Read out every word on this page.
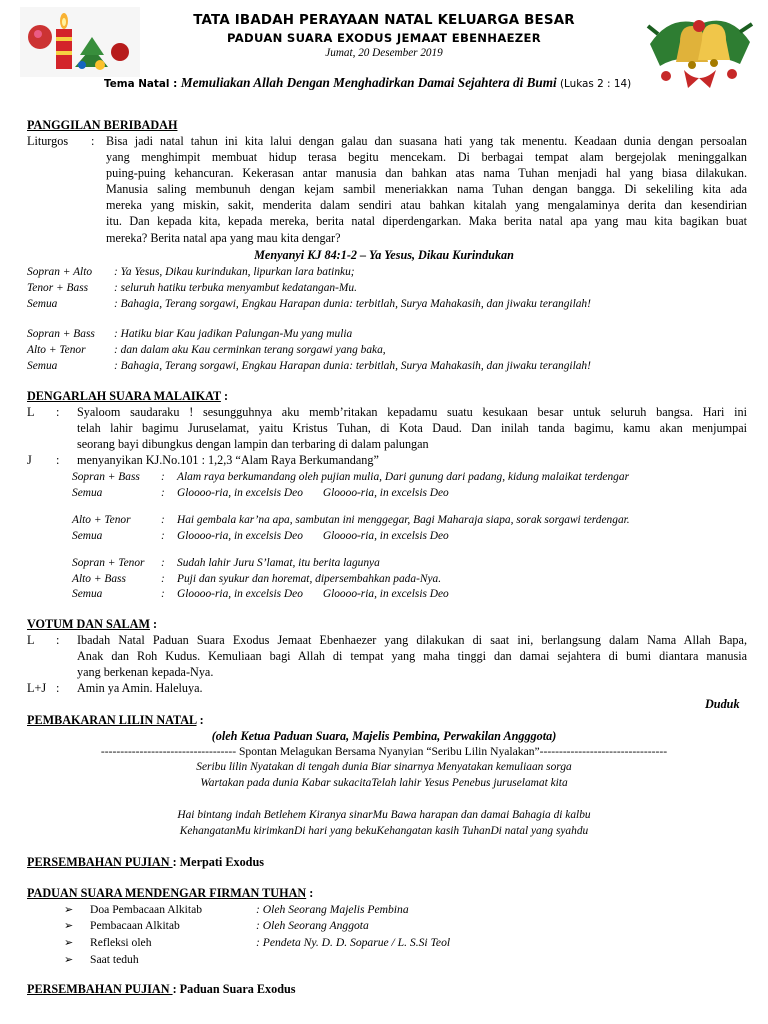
TATA IBADAH PERAYAAN NATAL KELUARGA BESAR
PADUAN SUARA EXODUS JEMAAT EBENHAEZER
Jumat, 20 Desember 2019
Tema Natal : Memuliakan Allah Dengan Menghadirkan Damai Sejahtera di Bumi (Lukas 2 : 14)
PANGGILAN BERIBADAH
Liturgos : Bisa jadi natal tahun ini kita lalui dengan galau dan suasana hati yang tak menentu. Keadaan dunia dengan persoalan
yang menghimpit membuat hidup terasa begitu mencekam. Di berbagai tempat alam bergejolak meninggalkan
puing-puing kehancuran. Kekerasan antar manusia dan bahkan atas nama Tuhan menjadi hal yang biasa dilakukan.
Manusia saling membunuh dengan kejam sambil meneriakkan nama Tuhan dengan bangga. Di sekeliling kita ada
mereka yang miskin, sakit, menderita dalam sendiri atau bahkan kitalah yang mengalaminya derita dan kesendirian
itu. Dan kepada kita, kepada mereka, berita natal diperdengarkan. Maka berita natal apa yang mau kita bagikan buat
mereka? Berita natal apa yang mau kita dengar?
Menyanyi KJ 84:1-2 – Ya Yesus, Dikau Kurindukan
Sopran + Alto : Ya Yesus, Dikau kurindukan, lipurkan lara batinku;
Tenor + Bass : seluruh hatiku terbuka menyambut kedatangan-Mu.
Semua	: Bahagia, Terang sorgawi, Engkau Harapan dunia: terbitlah, Surya Mahakasih, dan jiwaku terangilah!
Sopran + Bass : Hatiku biar Kau jadikan Palungan-Mu yang mulia
Alto + Tenor : dan dalam aku Kau cerminkan terang sorgawi yang baka,
Semua	: Bahagia, Terang sorgawi, Engkau Harapan dunia: terbitlah, Surya Mahakasih, dan jiwaku terangilah!
DENGARLAH SUARA MALAIKAT :
L : Syaloom saudaraku ! sesungguhnya aku memb’ritakan kepadamu suatu kesukaan besar untuk seluruh bangsa. Hari ini
telah lahir bagimu Juruselamat, yaitu Kristus Tuhan, di Kota Daud. Dan inilah tanda bagimu, kamu akan menjumpai
seorang bayi dibungkus dengan lampin dan terbaring di dalam palungan
J : menyanyikan KJ.No.101 : 1,2,3 “Alam Raya Berkumandang”
Sopran + Bass : Alam raya berkumandang oleh pujian mulia, Dari gunung dari padang, kidung malaikat terdengar
Semua	: Gloooo-ria, in excelsis Deo       Gloooo-ria, in excelsis Deo
Alto + Tenor	: Hai gembala kar’na apa, sambutan ini menggegar, Bagi Maharaja siapa, sorak sorgawi terdengar.
Semua	: Gloooo-ria, in excelsis Deo       Gloooo-ria, in excelsis Deo
Sopran + Tenor : Sudah lahir Juru S’lamat, itu berita lagunya
Alto + Bass	: Puji dan syukur dan horemat, dipersembahkan pada-Nya.
Semua	: Gloooo-ria, in excelsis Deo       Gloooo-ria, in excelsis Deo
VOTUM DAN SALAM :
L : Ibadah Natal Paduan Suara Exodus Jemaat Ebenhaezer yang dilakukan di saat ini, berlangsung dalam Nama Allah Bapa,
Anak dan Roh Kudus. Kemuliaan bagi Allah di tempat yang maha tinggi dan damai sejahtera di bumi diantara manusia
yang berkenan kepada-Nya.
L+J : Amin ya Amin. Haleluya.
Duduk
PEMBAKARAN LILIN NATAL :
(oleh Ketua Paduan Suara, Majelis Pembina, Perwakilan Angggota)
----------------------------------- Spontan Melagukan Bersama Nyanyian “Seribu Lilin Nyalakan”---------------------------------
Seribu lilin Nyatakan di tengah dunia Biar sinarnya Menyatakan kemuliaan sorga
Wartakan pada dunia Kabar sukacitaTelah lahir Yesus Penebus juruselamat kita
Hai bintang indah Betlehem Kiranya sinarMu Bawa harapan dan damai Bahagia di kalbu
KehangatanMu kirimkanDi hari yang bekuKehangatan kasih TuhanDi natal yang syahdu
PERSEMBAHAN PUJIAN : Merpati Exodus
PADUAN SUARA MENDENGAR FIRMAN TUHAN :
➢ Doa Pembacaan Alkitab	: Oleh Seorang Majelis Pembina
➢ Pembacaan Alkitab	: Oleh Seorang Anggota
➢ Refleksi oleh	: Pendeta Ny. D. D. Soparue / L. S.Si Teol
➢ Saat teduh
PERSEMBAHAN PUJIAN : Paduan Suara Exodus
